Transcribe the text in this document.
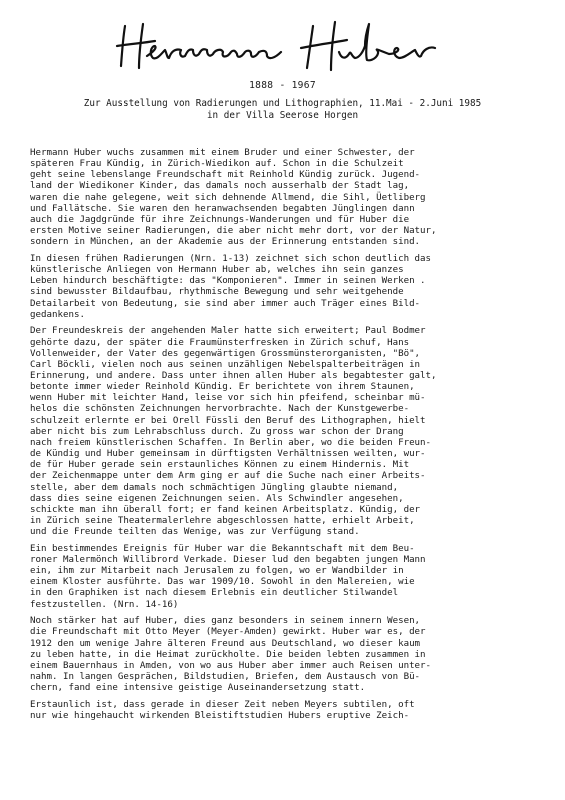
1888 - 1967
Zur Ausstellung von Radierungen und Lithographien, 11.Mai - 2.Juni 1985
in der Villa Seerose Horgen
Hermann Huber wuchs zusammen mit einem Bruder und einer Schwester, der
späteren Frau Kündig, in Zürich-Wiedikon auf. Schon in die Schulzeit
geht seine lebenslange Freundschaft mit Reinhold Kündig zurück. Jugend-
land der Wiedikoner Kinder, das damals noch ausserhalb der Stadt lag,
waren die nahe gelegene, weit sich dehnende Allmend, die Sihl, Üetliberg
und Fallätsche. Sie waren den heranwachsenden begabten Jünglingen dann
auch die Jagdgründe für ihre Zeichnungs-Wanderungen und für Huber die
ersten Motive seiner Radierungen, die aber nicht mehr dort, vor der Natur,
sondern in München, an der Akademie aus der Erinnerung entstanden sind.
In diesen frühen Radierungen (Nrn. 1-13) zeichnet sich schon deutlich das
künstlerische Anliegen von Hermann Huber ab, welches ihn sein ganzes
Leben hindurch beschäftigte: das "Komponieren". Immer in seinen Werken .
sind bewusster Bildaufbau, rhythmische Bewegung und sehr weitgehende
Detailarbeit von Bedeutung, sie sind aber immer auch Träger eines Bild-
gedankens.
Der Freundeskreis der angehenden Maler hatte sich erweitert; Paul Bodmer
gehörte dazu, der später die Fraumünsterfresken in Zürich schuf, Hans
Vollenweider, der Vater des gegenwärtigen Grossmünsterorganisten, "Bö",
Carl Böckli, vielen noch aus seinen unzähligen Nebelspalterbeiträgen in
Erinnerung, und andere. Dass unter ihnen allen Huber als begabtester galt,
betonte immer wieder Reinhold Kündig. Er berichtete von ihrem Staunen,
wenn Huber mit leichter Hand, leise vor sich hin pfeifend, scheinbar mü-
helos die schönsten Zeichnungen hervorbrachte. Nach der Kunstgewerbe-
schulzeit erlernte er bei Orell Füssli den Beruf des Lithographen, hielt
aber nicht bis zum Lehrabschluss durch. Zu gross war schon der Drang
nach freiem künstlerischen Schaffen. In Berlin aber, wo die beiden Freun-
de Kündig und Huber gemeinsam in dürftigsten Verhältnissen weilten, wur-
de für Huber gerade sein erstaunliches Können zu einem Hindernis. Mit
der Zeichenmappe unter dem Arm ging er auf die Suche nach einer Arbeits-
stelle, aber dem damals noch schmächtigen Jüngling glaubte niemand,
dass dies seine eigenen Zeichnungen seien. Als Schwindler angesehen,
schickte man ihn überall fort; er fand keinen Arbeitsplatz. Kündig, der
in Zürich seine Theatermalerlehre abgeschlossen hatte, erhielt Arbeit,
und die Freunde teilten das Wenige, was zur Verfügung stand.
Ein bestimmendes Ereignis für Huber war die Bekanntschaft mit dem Beu-
roner Malermönch Willibrord Verkade. Dieser lud den begabten jungen Mann
ein, ihm zur Mitarbeit nach Jerusalem zu folgen, wo er Wandbilder in
einem Kloster ausführte. Das war 1909/10. Sowohl in den Malereien, wie
in den Graphiken ist nach diesem Erlebnis ein deutlicher Stilwandel
festzustellen. (Nrn. 14-16)
Noch stärker hat auf Huber, dies ganz besonders in seinem innern Wesen,
die Freundschaft mit Otto Meyer (Meyer-Amden) gewirkt. Huber war es, der
1912 den um wenige Jahre älteren Freund aus Deutschland, wo dieser kaum
zu leben hatte, in die Heimat zurückholte. Die beiden lebten zusammen in
einem Bauernhaus in Amden, von wo aus Huber aber immer auch Reisen unter-
nahm. In langen Gesprächen, Bildstudien, Briefen, dem Austausch von Bü-
chern, fand eine intensive geistige Auseinandersetzung statt.
Erstaunlich ist, dass gerade in dieser Zeit neben Meyers subtilen, oft
nur wie hingehaucht wirkenden Bleistiftstudien Hubers eruptive Zeich-
